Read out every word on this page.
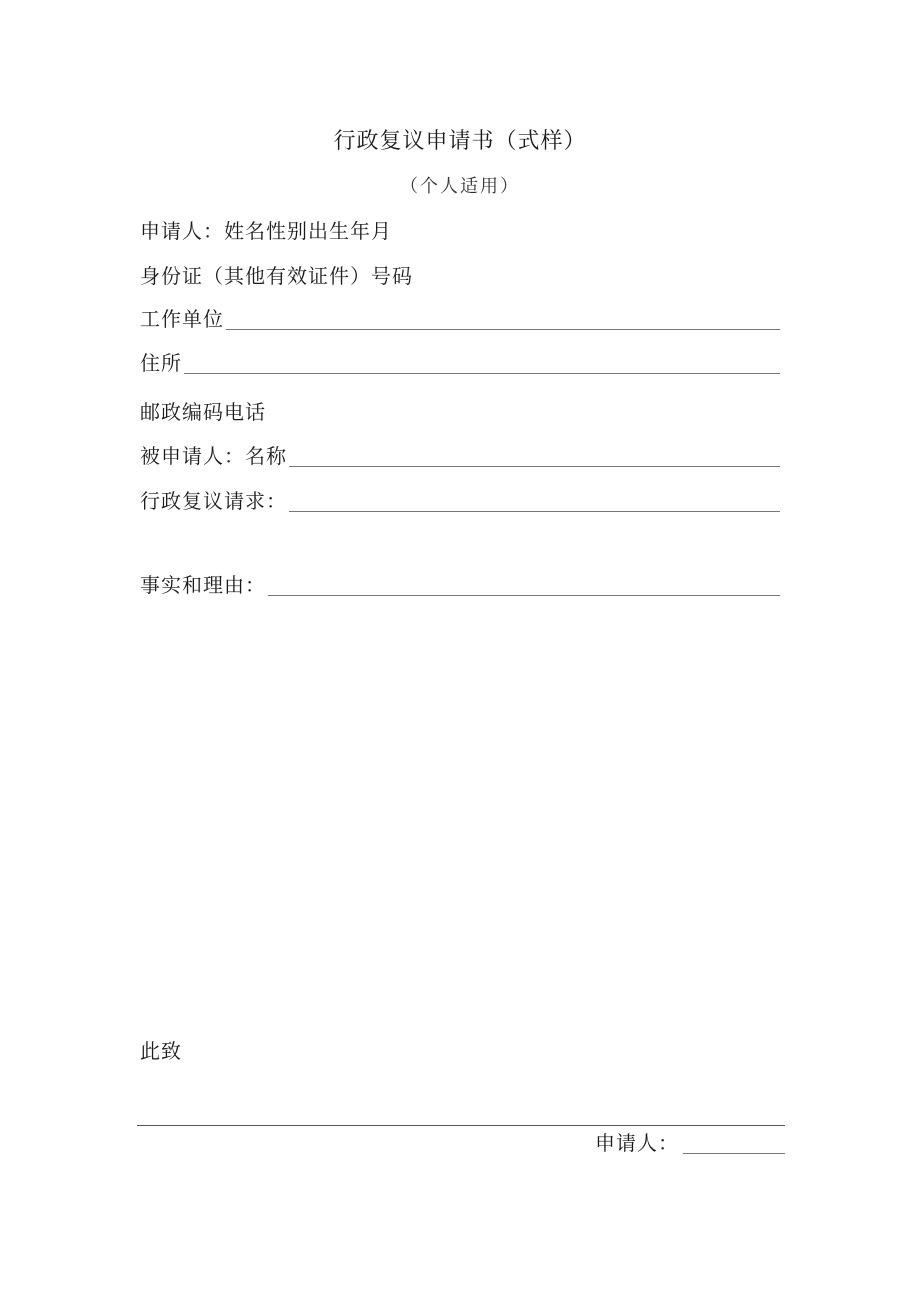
行政复议申请书（式样）
（个人适用）
申请人：姓名性别出生年月
身份证（其他有效证件）号码
工作单位
住所
邮政编码电话
被申请人：名称
行政复议请求：
事实和理由：
此致
申请人：
